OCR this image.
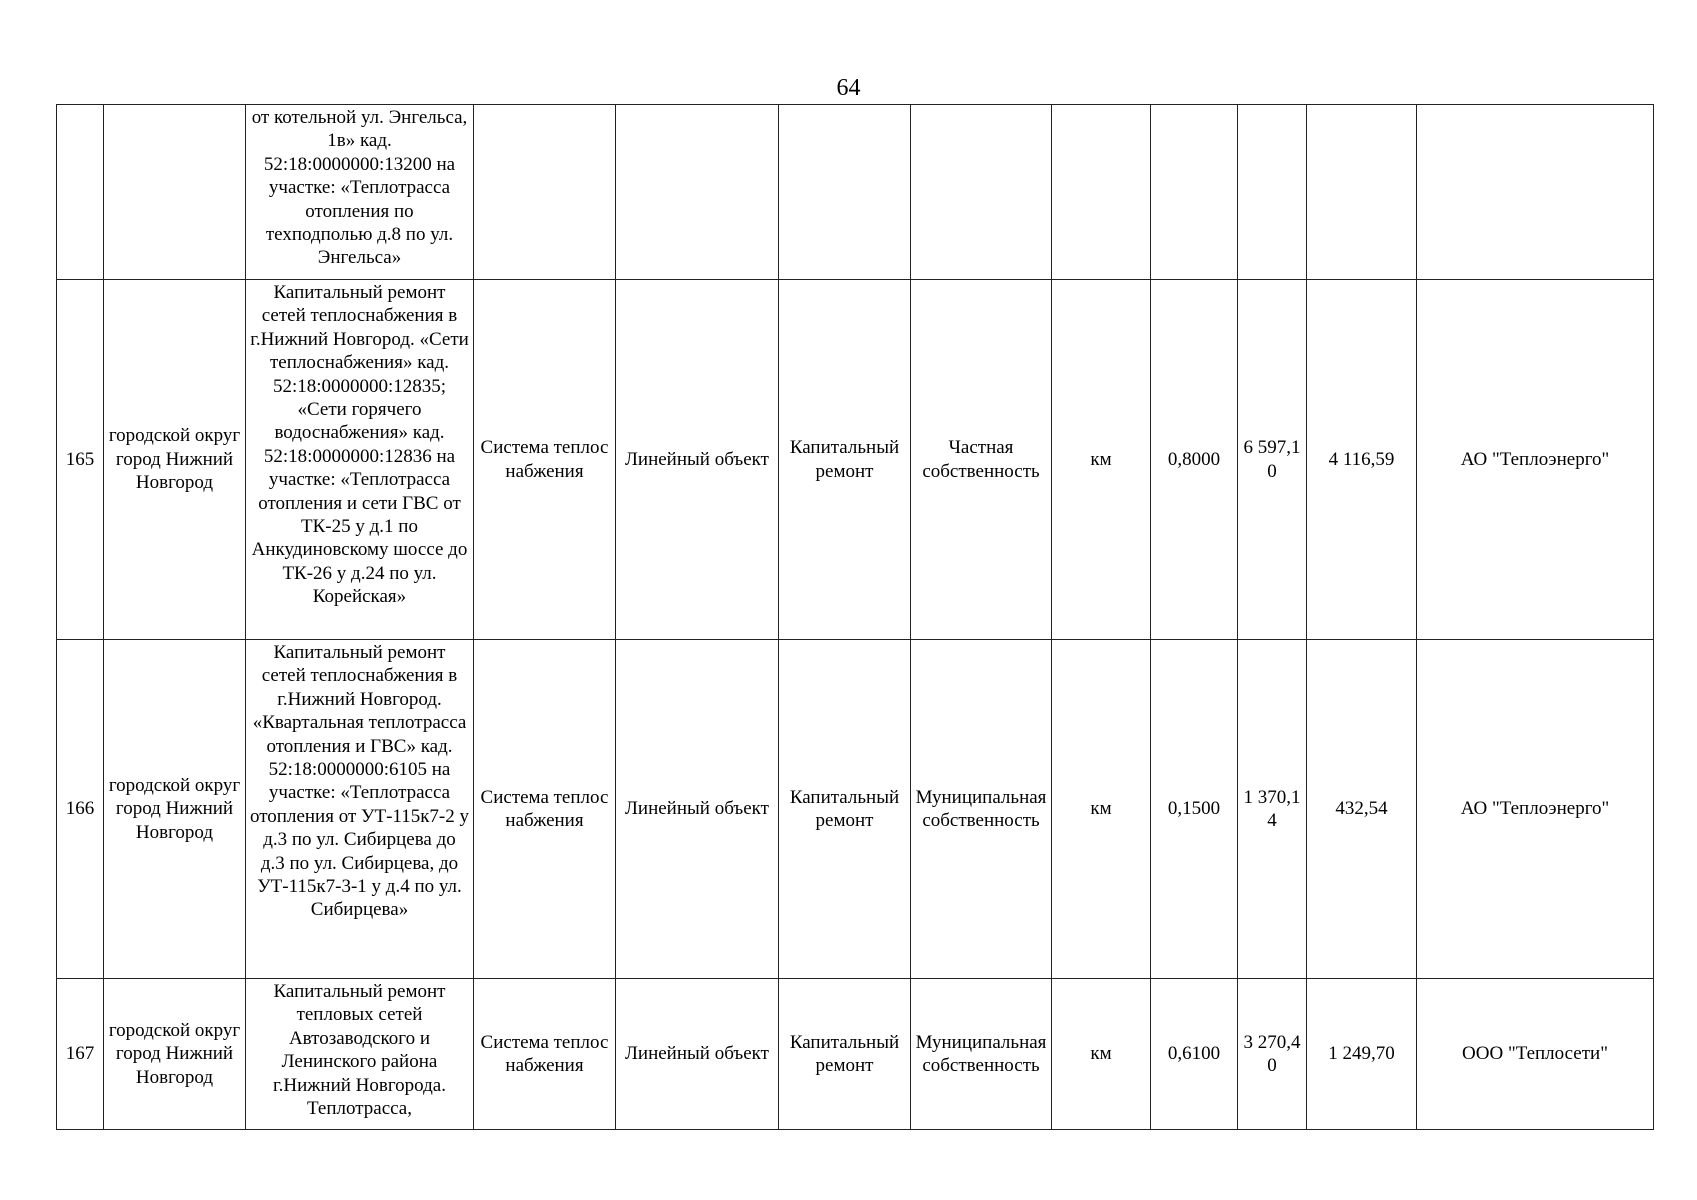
64
		от котельной ул. Энгельса, 1в» кад. 52:18:0000000:13200 на участке: «Теплотрасса отопления по техподполью д.8 по ул. Энгельса»									
165	городской округ город Нижний Новгород	Капитальный ремонт сетей теплоснабжения в г.Нижний Новгород. «Сети теплоснабжения» кад. 52:18:0000000:12835; «Сети горячего водоснабжения» кад. 52:18:0000000:12836 на участке: «Теплотрасса отопления и сети ГВС от ТК-25 у д.1 по Анкудиновскому шоссе до ТК-26 у д.24 по ул. Корейская»	Система теплоснабжения	Линейный объект	Капитальный ремонт	Частная собственность	км	0,8000	6 597,10	4 116,59	АО "Теплоэнерго"
166	городской округ город Нижний Новгород	Капитальный ремонт сетей теплоснабжения в г.Нижний Новгород. «Квартальная теплотрасса отопления и ГВС» кад. 52:18:0000000:6105 на участке: «Теплотрасса отопления от УТ-115к7-2 у д.3 по ул. Сибирцева до д.3 по ул. Сибирцева, до УТ-115к7-3-1 у д.4 по ул. Сибирцева»	Система теплоснабжения	Линейный объект	Капитальный ремонт	Муниципальная собственность	км	0,1500	1 370,14	432,54	АО "Теплоэнерго"
167	городской округ город Нижний Новгород	Капитальный ремонт тепловых сетей Автозаводского и Ленинского района г.Нижний Новгорода. Теплотрасса,	Система теплоснабжения	Линейный объект	Капитальный ремонт	Муниципальная собственность	км	0,6100	3 270,40	1 249,70	ООО "Теплосети"
